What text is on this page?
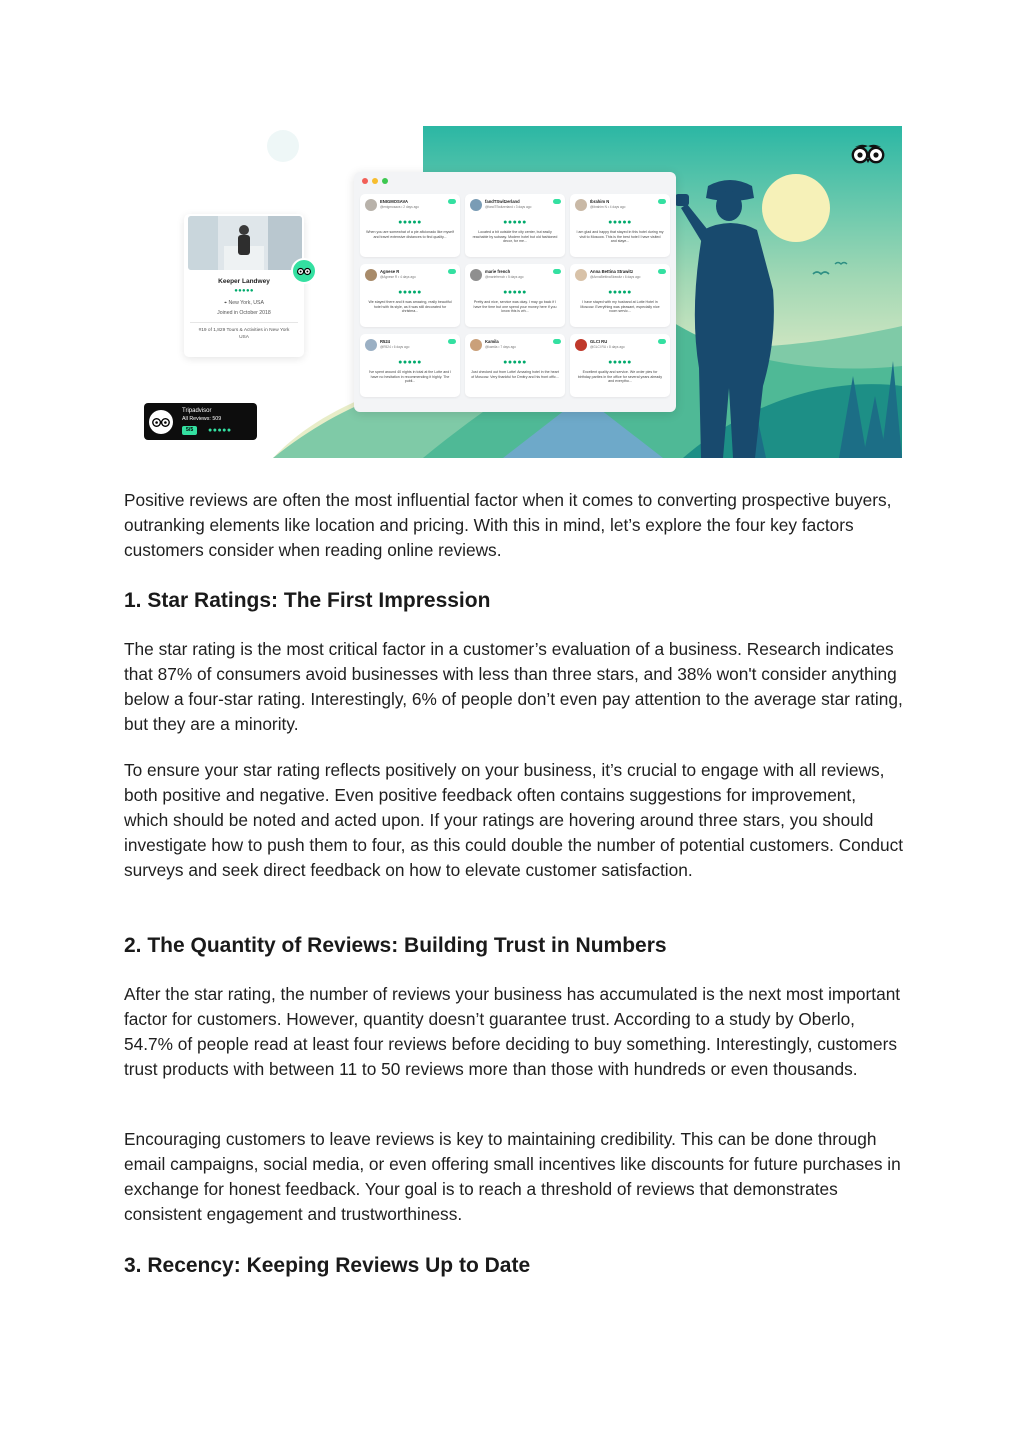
ENIGMOSAVA
@enigmosava • 2 days ago
●●●●●
When you are somewhat of a pie aficionado like myself and travel extensive distances to find quality...
fandTSwitzerland
@fandTSwitzerland • 3 days ago
●●●●●
Located a bit outside the city center, but easily reachable by subway. Modern hotel but old fashioned decor, for me...
Ibrahim N
@ibrahim N • 4 days ago
●●●●●
I am glad and happy that stayed in this hotel during my visit to Moscow. This is the best hotel I have visited and staye...
Agnese R
@Agnese R • 4 days ago
●●●●●
We stayed there and it was amazing, really beautiful hotel with its style, as it was still decorated for christma...
marie french
@mariefrench • 5 days ago
●●●●●
Pretty and nice, service was okay. I may go back if I have the time but one spend your money here if you know this is wh...
Anna Bettina Strawitz
@AnnaBettinaStrawitz • 6 days ago
●●●●●
I have stayed with my husband at Lotte Hotel in Moscow. Everything was pleasant, especially nice room servic...
R524
@R524 • 6 days ago
●●●●●
I've spent around 40 nights in total at the Lotte and I have no hesitation in recommending it highly. The publi...
Kamila
@kamila • 7 days ago
●●●●●
Just checked out from Lotte! Amazing hotel in the heart of Moscow. Very thankful for Dmitry and his front offic...
GLCI RU
@GLCI RU • 8 days ago
●●●●●
Excellent quality and service. We order pies for birthday parties in the office for several years already and everytho...
Keeper Landwey
●●●●●
⌖ New York, USA
Joined in October 2018
#19 of 1,829 Tours & Activities in New York USA
Tripadvisor
All Reviews: 509
5/5	●●●●●

Positive reviews are often the most influential factor when it comes to converting prospective buyers, outranking elements like location and pricing. With this in mind, let’s explore the four key factors customers consider when reading online reviews.

1. Star Ratings: The First Impression

The star rating is the most critical factor in a customer’s evaluation of a business. Research indicates that 87% of consumers avoid businesses with less than three stars, and 38% won't consider anything below a four-star rating. Interestingly, 6% of people don’t even pay attention to the average star rating, but they are a minority.

To ensure your star rating reflects positively on your business, it’s crucial to engage with all reviews, both positive and negative. Even positive feedback often contains suggestions for improvement, which should be noted and acted upon. If your ratings are hovering around three stars, you should investigate how to push them to four, as this could double the number of potential customers. Conduct surveys and seek direct feedback on how to elevate customer satisfaction.

2. The Quantity of Reviews: Building Trust in Numbers

After the star rating, the number of reviews your business has accumulated is the next most important factor for customers. However, quantity doesn’t guarantee trust. According to a study by Oberlo, 54.7% of people read at least four reviews before deciding to buy something. Interestingly, customers trust products with between 11 to 50 reviews more than those with hundreds or even thousands.

Encouraging customers to leave reviews is key to maintaining credibility. This can be done through email campaigns, social media, or even offering small incentives like discounts for future purchases in exchange for honest feedback. Your goal is to reach a threshold of reviews that demonstrates consistent engagement and trustworthiness.

3. Recency: Keeping Reviews Up to Date
